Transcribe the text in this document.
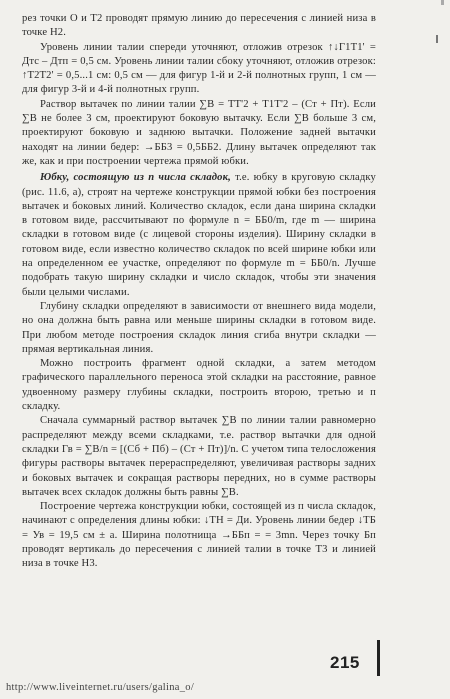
рез точки О и Т2 проводят прямую линию до пересечения с линией низа в точке Н2.

Уровень линии талии спереди уточняют, отложив отрезок ↑↓Г1Т1' = Дтс – Дтп = 0,5 см. Уровень линии талии сбоку уточняют, отложив отрезок: ↑Т2Т2' = 0,5...1 см: 0,5 см — для фигур 1-й и 2-й полнотных групп, 1 см — для фигур 3-й и 4-й полнотных групп.

Раствор вытачек по линии талии ∑В = ТТ'2 + Т1Т'2 – (Ст + Пт). Если ∑В не более 3 см, проектируют боковую вытачку. Если ∑В больше 3 см, проектируют боковую и заднюю вытачки. Положение задней вытачки находят на линии бедер: →ББ3 = 0,5ББ2. Длину вытачек определяют так же, как и при построении чертежа прямой юбки.

Юбку, состоящую из п числа складок, т.е. юбку в круговую складку (рис. 11.6, а), строят на чертеже конструкции прямой юбки без построения вытачек и боковых линий. Количество складок, если дана ширина складки в готовом виде, рассчитывают по формуле n = ББ0/m, где m — ширина складки в готовом виде (с лицевой стороны изделия). Ширину складки в готовом виде, если известно количество складок по всей ширине юбки или на определенном ее участке, определяют по формуле m = ББ0/n. Лучше подобрать такую ширину складки и число складок, чтобы эти значения были целыми числами.

Глубину складки определяют в зависимости от внешнего вида модели, но она должна быть равна или меньше ширины складки в готовом виде. При любом методе построения складок линия сгиба внутри складки — прямая вертикальная линия.

Можно построить фрагмент одной складки, а затем методом графического параллельного переноса этой складки на расстояние, равное удвоенному размеру глубины складки, построить второю, третью и п складку.

Сначала суммарный раствор вытачек ∑В по линии талии равномерно распределяют между всеми складками, т.е. раствор вытачки для одной складки Гв = ∑В/n = [(Сб + Пб) – (Ст + Пт)]/n. С учетом типа телосложения фигуры растворы вытачек перераспределяют, увеличивая растворы задних и боковых вытачек и сокращая растворы передних, но в сумме растворы вытачек всех складок должны быть равны ∑В.

Построение чертежа конструкции юбки, состоящей из п числа складок, начинают с определения длины юбки: ↓ТН = Ди. Уровень линии бедер ↓ТБ = Ув = 19,5 см ± а. Ширина полотнища →ББп = = 3mn. Через точку Бп проводят вертикаль до пересечения с линией талии в точке Т3 и линией низа в точке Н3.

215
http://www.liveinternet.ru/users/galina_o/
